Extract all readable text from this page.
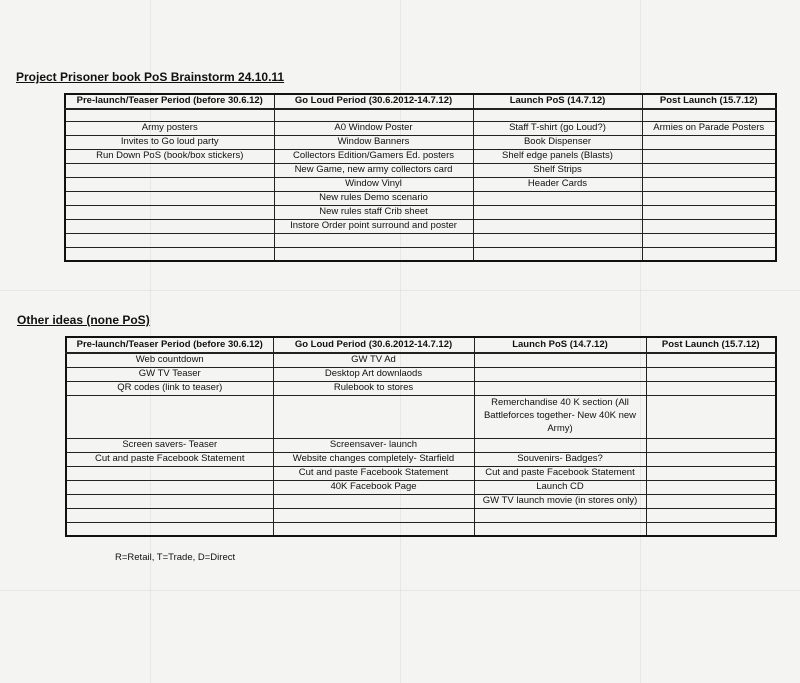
Project Prisoner book PoS Brainstorm 24.10.11
Pre-launch/Teaser Period (before 30.6.12)	Go Loud Period (30.6.2012-14.7.12)	Launch PoS (14.7.12)	Post Launch (15.7.12)

Army posters	A0 Window Poster	Staff T-shirt (go Loud?)	Armies on Parade Posters
Invites to Go loud party	Window Banners	Book Dispenser	
Run Down PoS (book/box stickers)	Collectors Edition/Gamers Ed. posters	Shelf edge panels (Blasts)	
	New Game, new army collectors card	Shelf Strips	
	Window Vinyl	Header Cards	
	New rules Demo scenario		
	New rules staff Crib sheet		
	Instore Order point surround and poster		

Other ideas (none PoS)
Pre-launch/Teaser Period (before 30.6.12)	Go Loud Period (30.6.2012-14.7.12)	Launch PoS (14.7.12)	Post Launch (15.7.12)
Web countdown	GW TV Ad		
GW TV Teaser	Desktop Art downlaods		
QR codes (link to teaser)	Rulebook to stores		
		Remerchandise 40 K section (All Battleforces together- New 40K new Army)	
Screen savers- Teaser	Screensaver- launch		
Cut and paste Facebook Statement	Website changes completely- Starfield	Souvenirs- Badges?	
	Cut and paste Facebook Statement	Cut and paste Facebook Statement	
	40K Facebook Page	Launch CD	
		GW TV launch movie (in stores only)	

R=Retail, T=Trade, D=Direct
